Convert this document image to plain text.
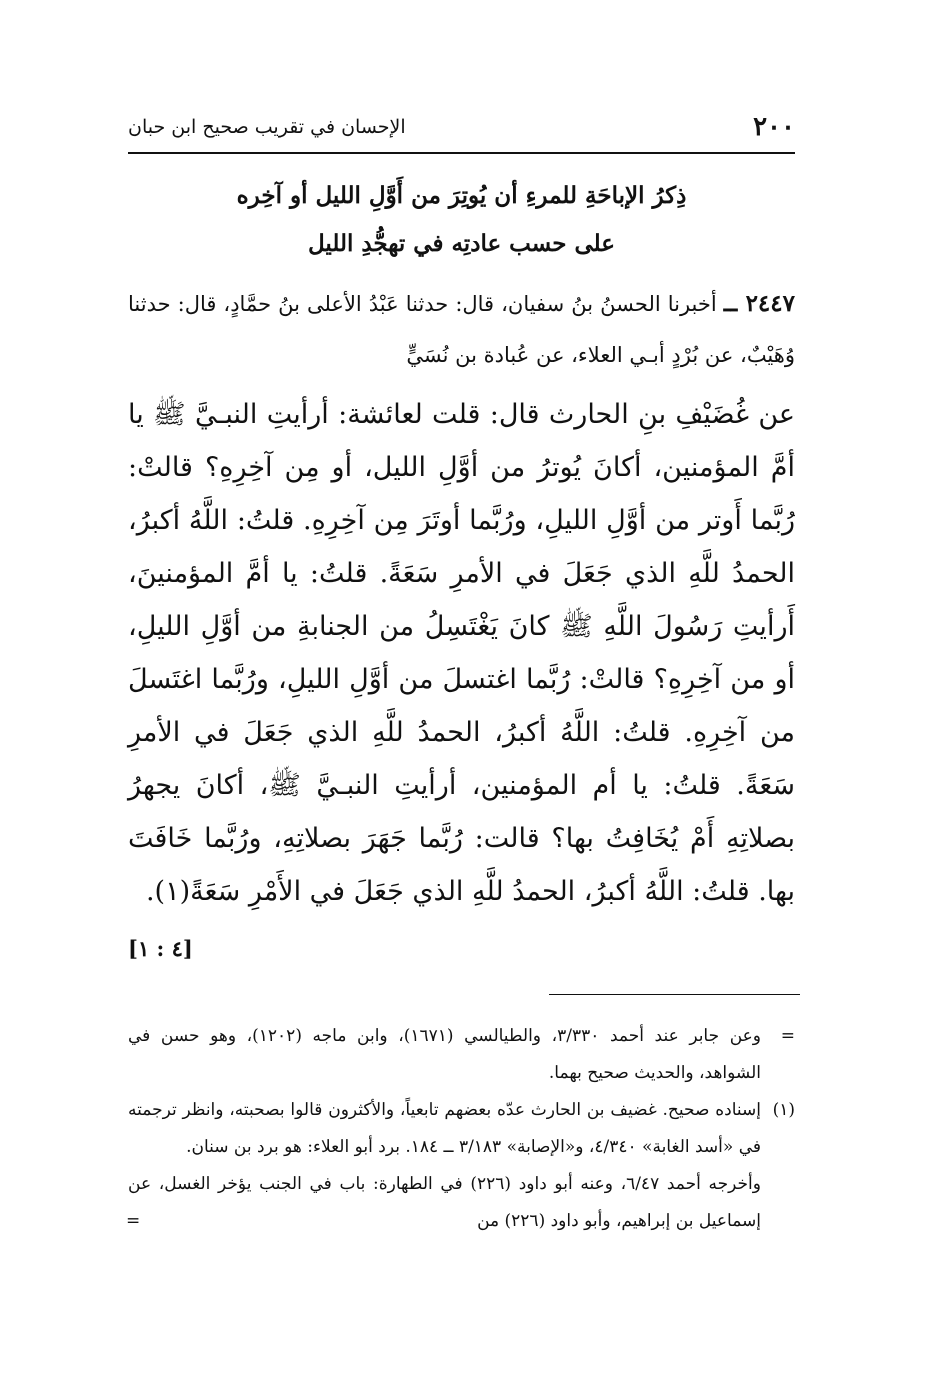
٢٠٠
الإحسان في تقريب صحيح ابن حبان
ذِكرُ الإباحَةِ للمرءِ أن يُوتِرَ من أَوَّلِ الليل أو آخِره
على حسب عادتِه في تهجُّدِ الليل
٢٤٤٧ ــ أخبرنا الحسنُ بنُ سفيان، قال: حدثنا عَبْدُ الأعلى بنُ حمَّادٍ، قال: حدثنا وُهَيْبٌ، عن بُرْدٍ أبـي العلاء، عن عُبادة بن نُسَيٍّ
عن غُضَيْفِ بنِ الحارث قال: قلت لعائشة: أرأيتِ النبـيَّ ﷺ يا أمَّ المؤمنين، أكانَ يُوترُ من أوَّلِ الليل، أو مِن آخِرِهِ؟ قالتْ: رُبَّما أَوتر من أوَّلِ الليلِ، ورُبَّما أوتَرَ مِن آخِرِهِ. قلتُ: اللَّهُ أكبرُ، الحمدُ للَّهِ الذي جَعَلَ في الأمرِ سَعَةً. قلتُ: يا أمَّ المؤمنينَ، أَرأيتِ رَسُولَ اللَّهِ ﷺ كانَ يَغْتَسِلُ من الجنابةِ من أوَّلِ الليلِ، أو من آخِرِهِ؟ قالتْ: رُبَّما اغتسلَ من أوَّلِ الليلِ، ورُبَّما اغتَسلَ من آخِرِهِ. قلتُ: اللَّهُ أكبرُ، الحمدُ للَّهِ الذي جَعَلَ في الأمرِ سَعَةً. قلتُ: يا أم المؤمنين، أرأيتِ النبـيَّ ﷺ، أكانَ يجهرُ بصلاتِهِ أَمْ يُخَافِتُ بها؟ قالت: رُبَّما جَهَرَ بصلاتِهِ، ورُبَّما خَافَتَ بها. قلتُ: اللَّهُ أكبرُ، الحمدُ للَّهِ الذي جَعَلَ في الأَمْرِ سَعَةً(١).
[٤ : ١]
=
وعن جابر عند أحمد ٣/٣٣٠، والطيالسي (١٦٧١)، وابن ماجه (١٢٠٢)، وهو حسن في الشواهد، والحديث صحيح بهما.
(١)
إسناده صحيح. غضيف بن الحارث عدّه بعضهم تابعياً، والأكثرون قالوا بصحبته، وانظر ترجمته في «أسد الغابة» ٤/٣٤٠، و«الإصابة» ٣/١٨٣ ــ ١٨٤. برد أبو العلاء: هو برد بن سنان.
وأخرجه أحمد ٦/٤٧، وعنه أبو داود (٢٢٦) في الطهارة: باب في الجنب يؤخر الغسل، عن إسماعيل بن إبراهيم، وأبو داود (٢٢٦) من
=
